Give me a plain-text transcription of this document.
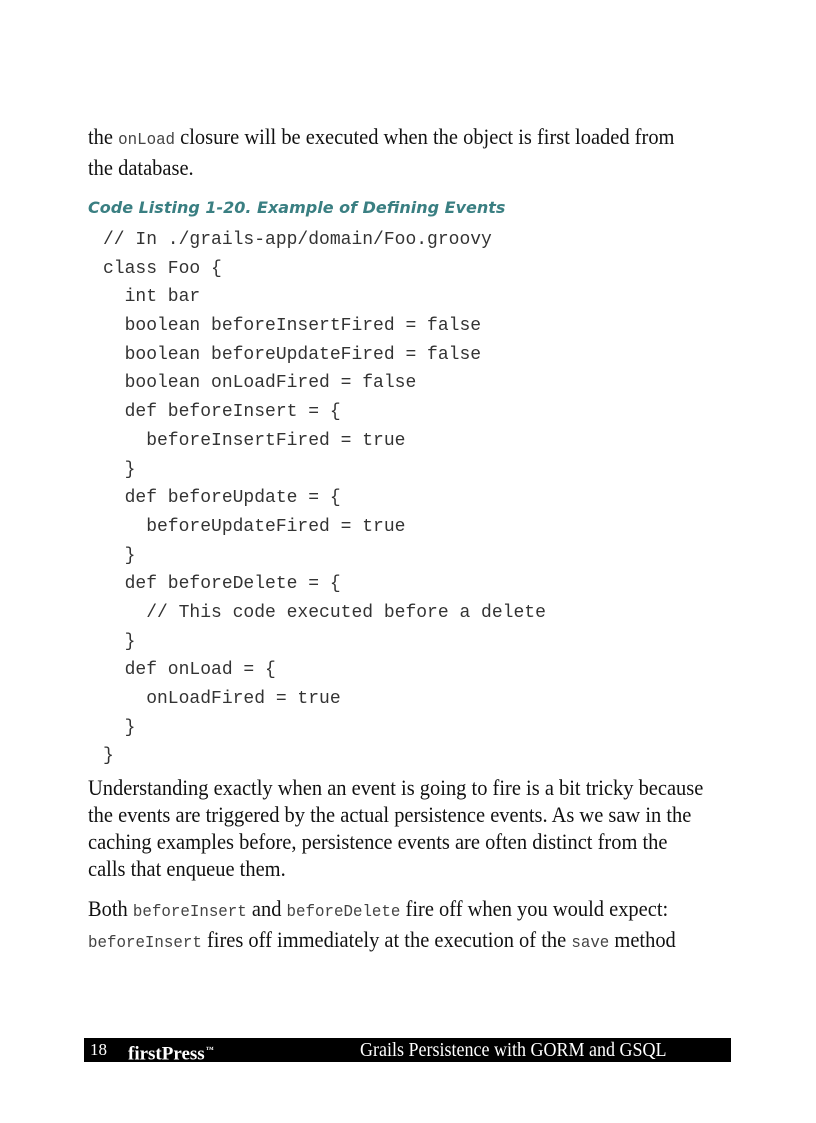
the onLoad closure will be executed when the object is first loaded from
the database.
Code Listing 1-20. Example of Defining Events
// In ./grails-app/domain/Foo.groovy
class Foo {
int bar
boolean beforeInsertFired = false
boolean beforeUpdateFired = false
boolean onLoadFired = false
def beforeInsert = {
beforeInsertFired = true
}
def beforeUpdate = {
beforeUpdateFired = true
}
def beforeDelete = {
// This code executed before a delete
}
def onLoad = {
onLoadFired = true
}
}
Understanding exactly when an event is going to fire is a bit tricky because
the events are triggered by the actual persistence events. As we saw in the
caching examples before, persistence events are often distinct from the
calls that enqueue them.
Both beforeInsert and beforeDelete fire off when you would expect:
beforeInsert fires off immediately at the execution of the save method
18 firstPress™	Grails Persistence with GORM and GSQL
